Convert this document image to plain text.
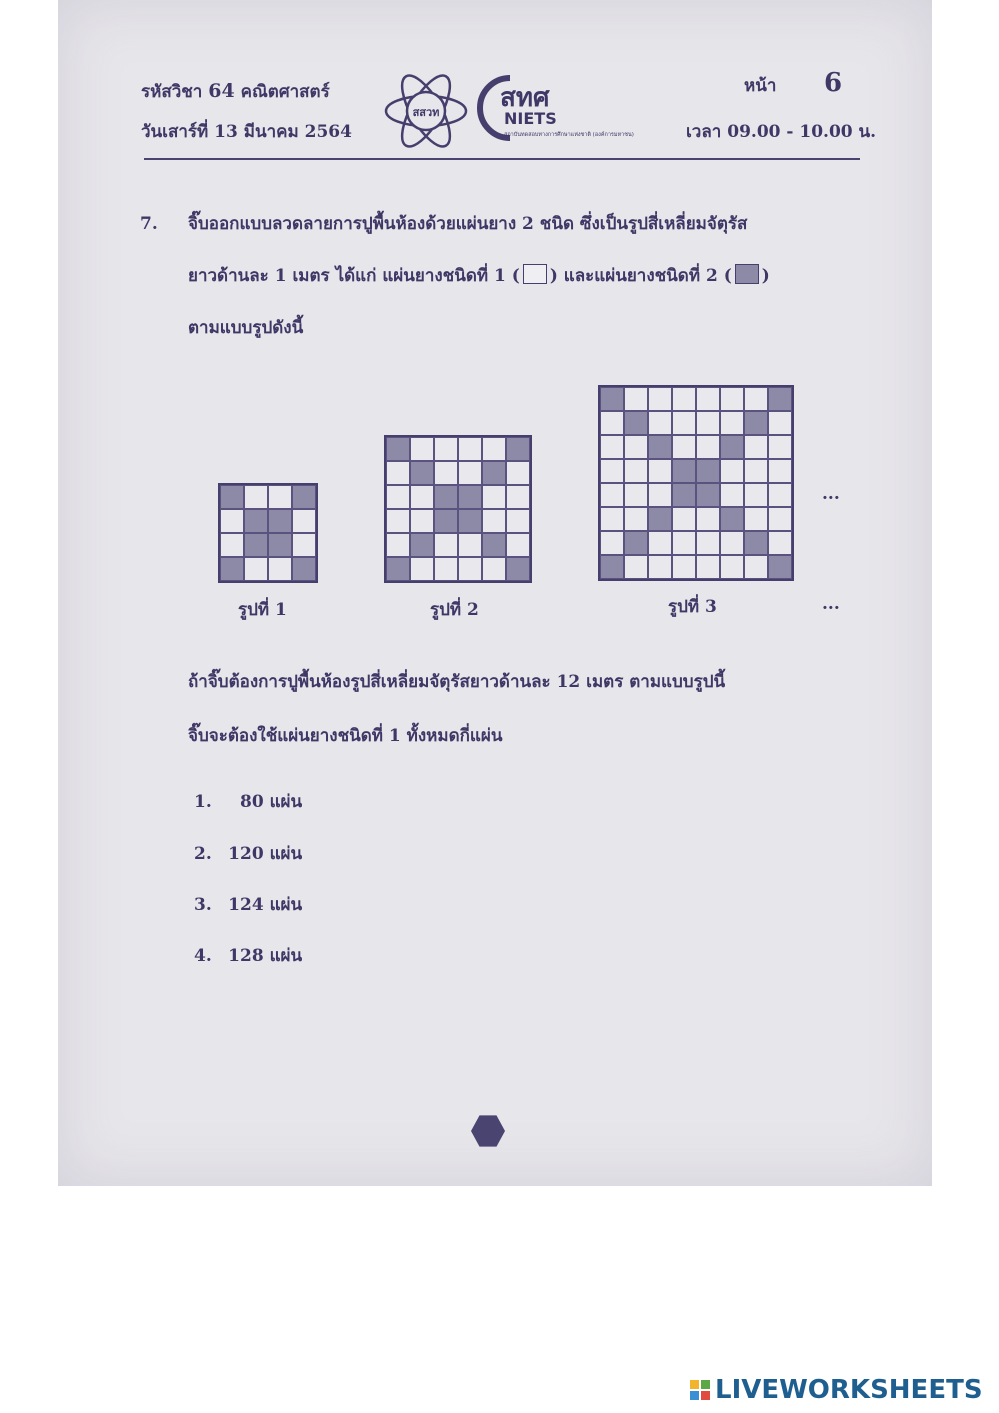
รหัสวิชา 64 คณิตศาสตร์
วันเสาร์ที่ 13 มีนาคม 2564
สสวท สทศ
NIETS
สถาบันทดสอบทางการศึกษาแห่งชาติ (องค์การมหาชน)
หน้า 6
เวลา 09.00 - 10.00 น.
7. จิ๊บออกแบบลวดลายการปูพื้นห้องด้วยแผ่นยาง 2 ชนิด ซึ่งเป็นรูปสี่เหลี่ยมจัตุรัส
ยาวด้านละ 1 เมตร ได้แก่ แผ่นยางชนิดที่ 1 ( ) และแผ่นยางชนิดที่ 2 ( )
ตามแบบรูปดังนี้
รูปที่ 1	รูปที่ 2	รูปที่ 3
...
...
ถ้าจิ๊บต้องการปูพื้นห้องรูปสี่เหลี่ยมจัตุรัสยาวด้านละ 12 เมตร ตามแบบรูปนี้
จิ๊บจะต้องใช้แผ่นยางชนิดที่ 1 ทั้งหมดกี่แผ่น
1. 80 แผ่น
2. 120 แผ่น
3. 124 แผ่น
4. 128 แผ่น
LIVEWORKSHEETS
